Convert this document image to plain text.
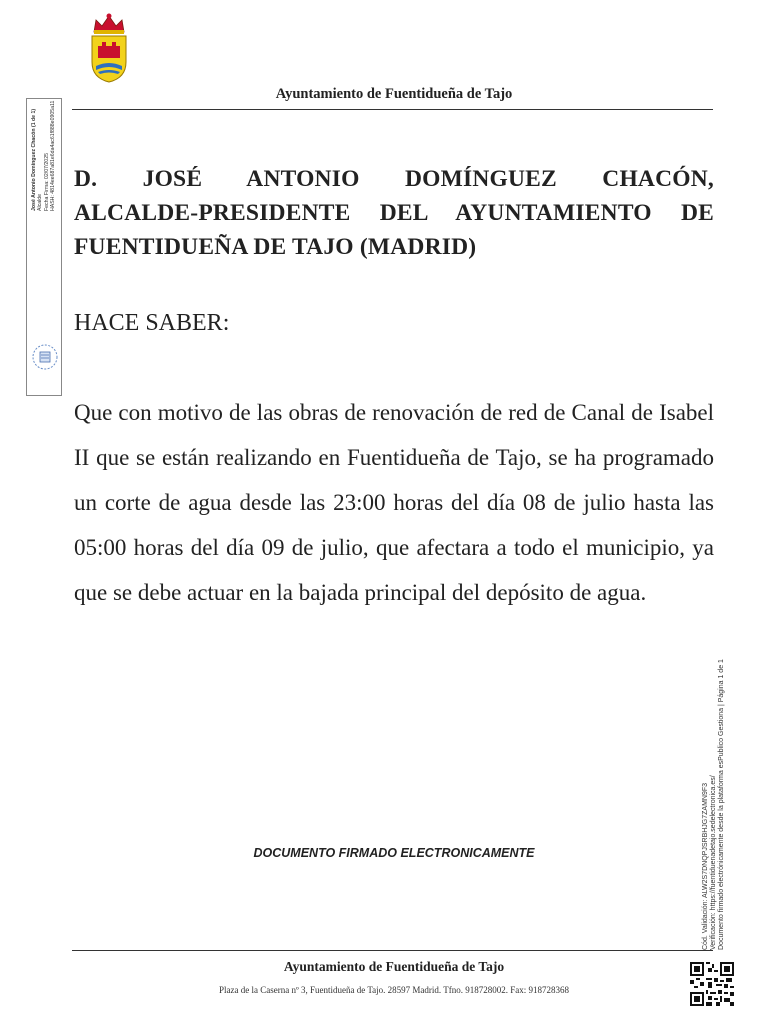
Ayuntamiento de Fuentidueña de Tajo
José Antonio Domínguez Chacón (1 de 1) Alcalde Fecha Firma: 02/07/2025 HASH: 4814ee687a81e6da4ac61f888e0905a11 D. JOSÉ ANTONIO DOMÍNGUEZ CHACÓN,
ALCALDE-PRESIDENTE DEL AYUNTAMIENTO DE FUENTIDUEÑA DE TAJO (MADRID)
HACE SABER:
Que con motivo de las obras de renovación de red de Canal de Isabel II que se están realizando en Fuentidueña de Tajo, se ha programado un corte de agua desde las 23:00 horas del día 08 de julio hasta las 05:00 horas del día 09 de julio, que afectara a todo el municipio, ya que se debe actuar en la bajada principal del depósito de agua.
DOCUMENTO FIRMADO ELECTRONICAMENTE	Cód. Validación: ALW2S7DNQPJSRBHJG7ZAMN9F3 Verificación: https://fuentiduenadetajo.sedelectronica.es/ Documento firmado electrónicamente desde la plataforma esPublico Gestiona | Página 1 de 1
Ayuntamiento de Fuentidueña de Tajo
Plaza de la Caserna nº 3, Fuentidueña de Tajo. 28597 Madrid. Tfno. 918728002. Fax: 918728368
